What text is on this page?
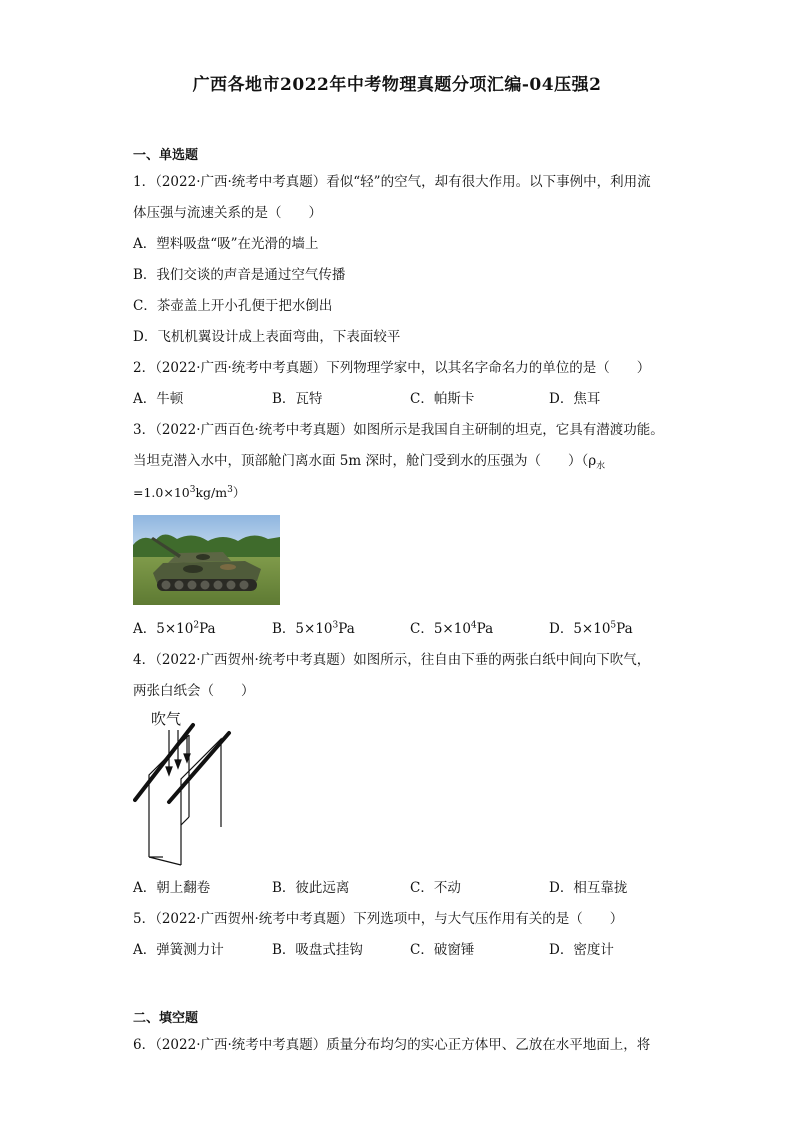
广西各地市2022年中考物理真题分项汇编-04压强2
一、单选题
1．（2022·广西·统考中考真题）看似“轻”的空气，却有很大作用。以下事例中，利用流
体压强与流速关系的是（　　）
A．塑料吸盘“吸”在光滑的墙上
B．我们交谈的声音是通过空气传播
C．茶壶盖上开小孔便于把水倒出
D．飞机机翼设计成上表面弯曲，下表面较平
2．（2022·广西·统考中考真题）下列物理学家中，以其名字命名力的单位的是（　　）
A．牛顿	B．瓦特	C．帕斯卡	D．焦耳
3．（2022·广西百色·统考中考真题）如图所示是我国自主研制的坦克，它具有潜渡功能。
当坦克潜入水中，顶部舱门离水面 5m 深时，舱门受到水的压强为（　　）（$\rho_水$
$=1.0\times 10^3kg/m^3$）
A．$5\times 10^2Pa$	B．$5\times 10^3Pa$	C．$5\times 10^4Pa$	D．$5\times 10^5Pa$
4．（2022·广西贺州·统考中考真题）如图所示，往自由下垂的两张白纸中间向下吹气，
两张白纸会（　　）
吹气
A．朝上翻卷	B．彼此远离	C．不动	D．相互靠拢
5．（2022·广西贺州·统考中考真题）下列选项中，与大气压作用有关的是（　　）
A．弹簧测力计	B．吸盘式挂钩	C．破窗锤	D．密度计
二、填空题
6．（2022·广西·统考中考真题）质量分布均匀的实心正方体甲、乙放在水平地面上，将
